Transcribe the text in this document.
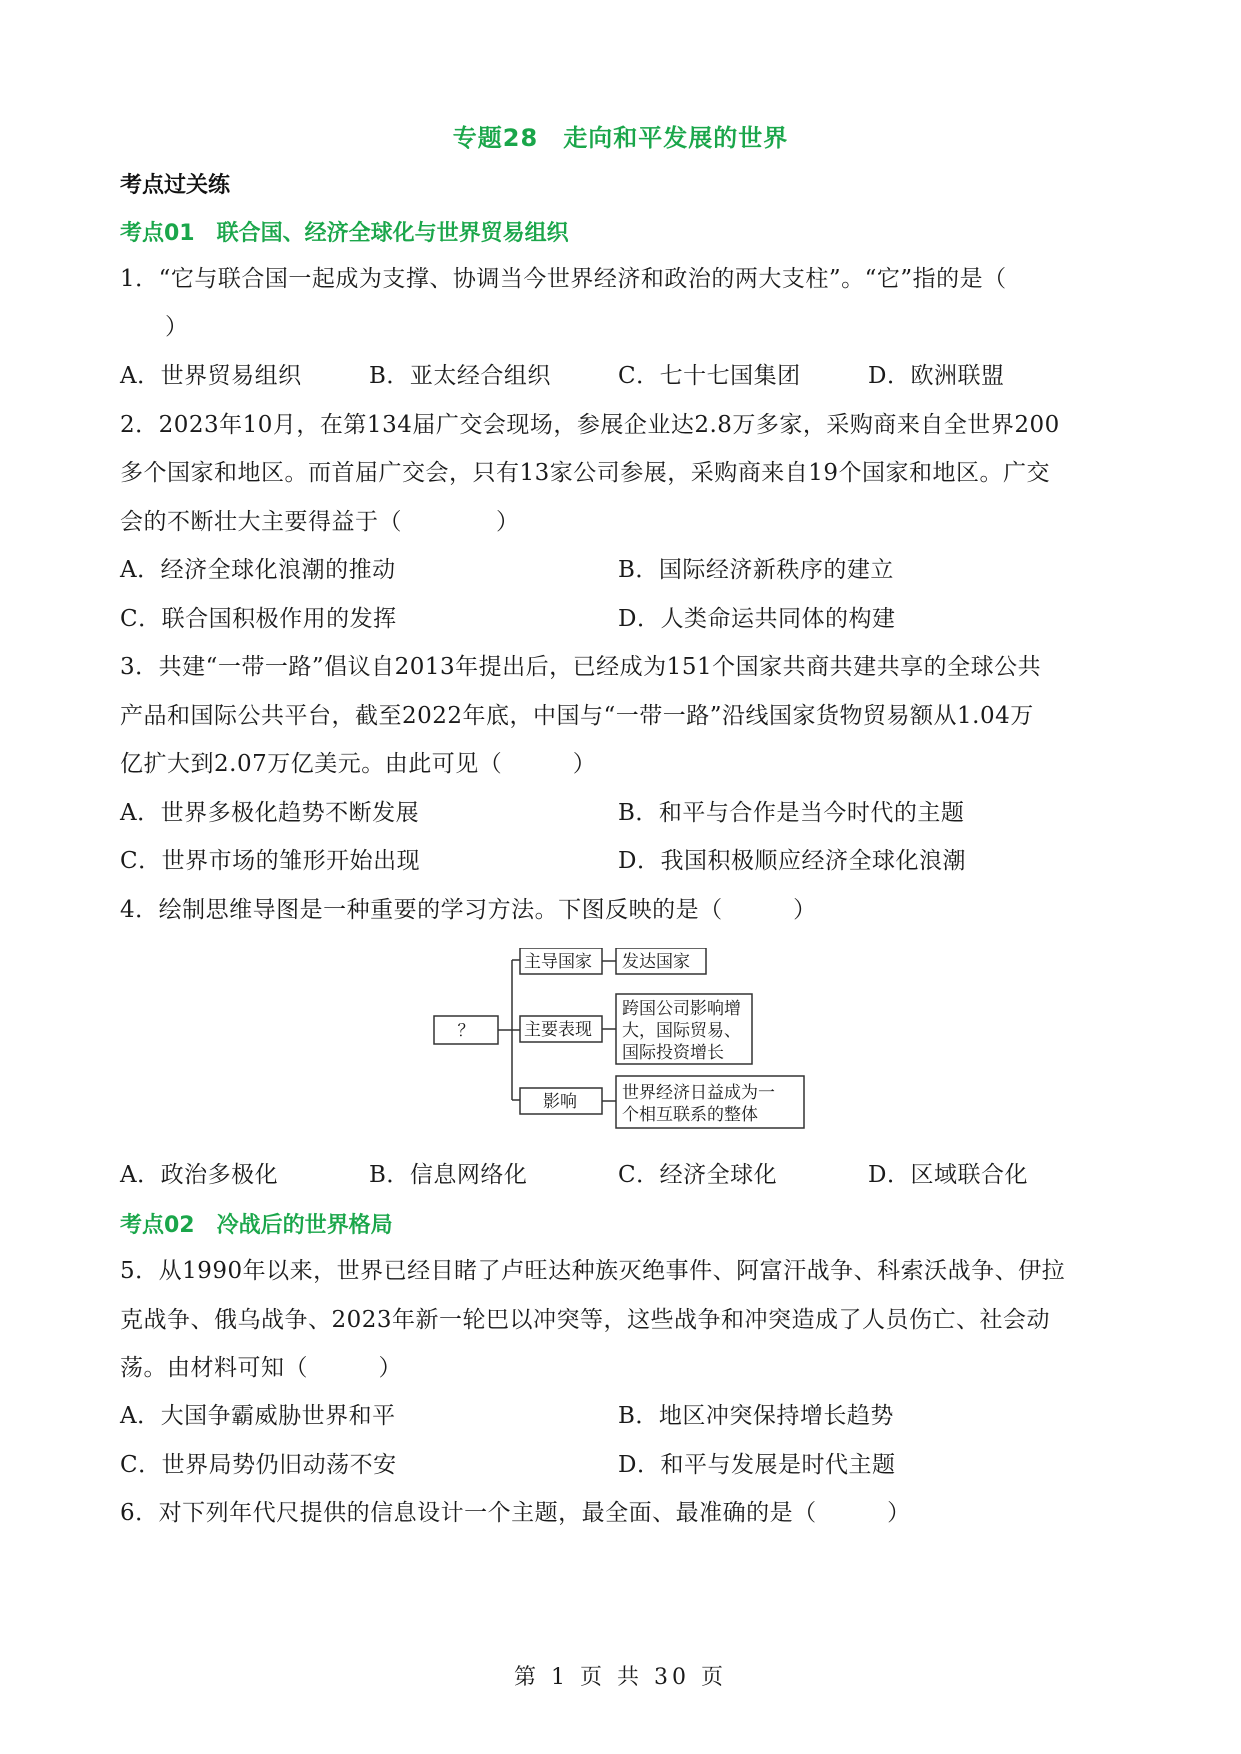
专题28　走向和平发展的世界
考点过关练
考点01　联合国、经济全球化与世界贸易组织
1．“它与联合国一起成为支撑、协调当今世界经济和政治的两大支柱”。“它”指的是（
）
A．世界贸易组织	B．亚太经合组织	C．七十七国集团	D．欧洲联盟
2．2023年10月，在第134届广交会现场，参展企业达2.8万多家，采购商来自全世界200
多个国家和地区。而首届广交会，只有13家公司参展，采购商来自19个国家和地区。广交
会的不断壮大主要得益于（　　　　）
A．经济全球化浪潮的推动	B．国际经济新秩序的建立
C．联合国积极作用的发挥	D．人类命运共同体的构建
3．共建“一带一路”倡议自2013年提出后，已经成为151个国家共商共建共享的全球公共
产品和国际公共平台，截至2022年底，中国与“一带一路”沿线国家货物贸易额从1.04万
亿扩大到2.07万亿美元。由此可见（　　　）
A．世界多极化趋势不断发展	B．和平与合作是当今时代的主题
C．世界市场的雏形开始出现	D．我国积极顺应经济全球化浪潮
4．绘制思维导图是一种重要的学习方法。下图反映的是（　　　）
？
主导国家
主要表现
影响
发达国家
跨国公司影响增
大，国际贸易、
国际投资增长
世界经济日益成为一
个相互联系的整体
A．政治多极化	B．信息网络化	C．经济全球化	D．区域联合化
考点02　冷战后的世界格局
5．从1990年以来，世界已经目睹了卢旺达种族灭绝事件、阿富汗战争、科索沃战争、伊拉
克战争、俄乌战争、2023年新一轮巴以冲突等，这些战争和冲突造成了人员伤亡、社会动
荡。由材料可知（　　　）
A．大国争霸威胁世界和平	B．地区冲突保持增长趋势
C．世界局势仍旧动荡不安	D．和平与发展是时代主题
6．对下列年代尺提供的信息设计一个主题，最全面、最准确的是（　　　）
第 1 页 共 30 页
